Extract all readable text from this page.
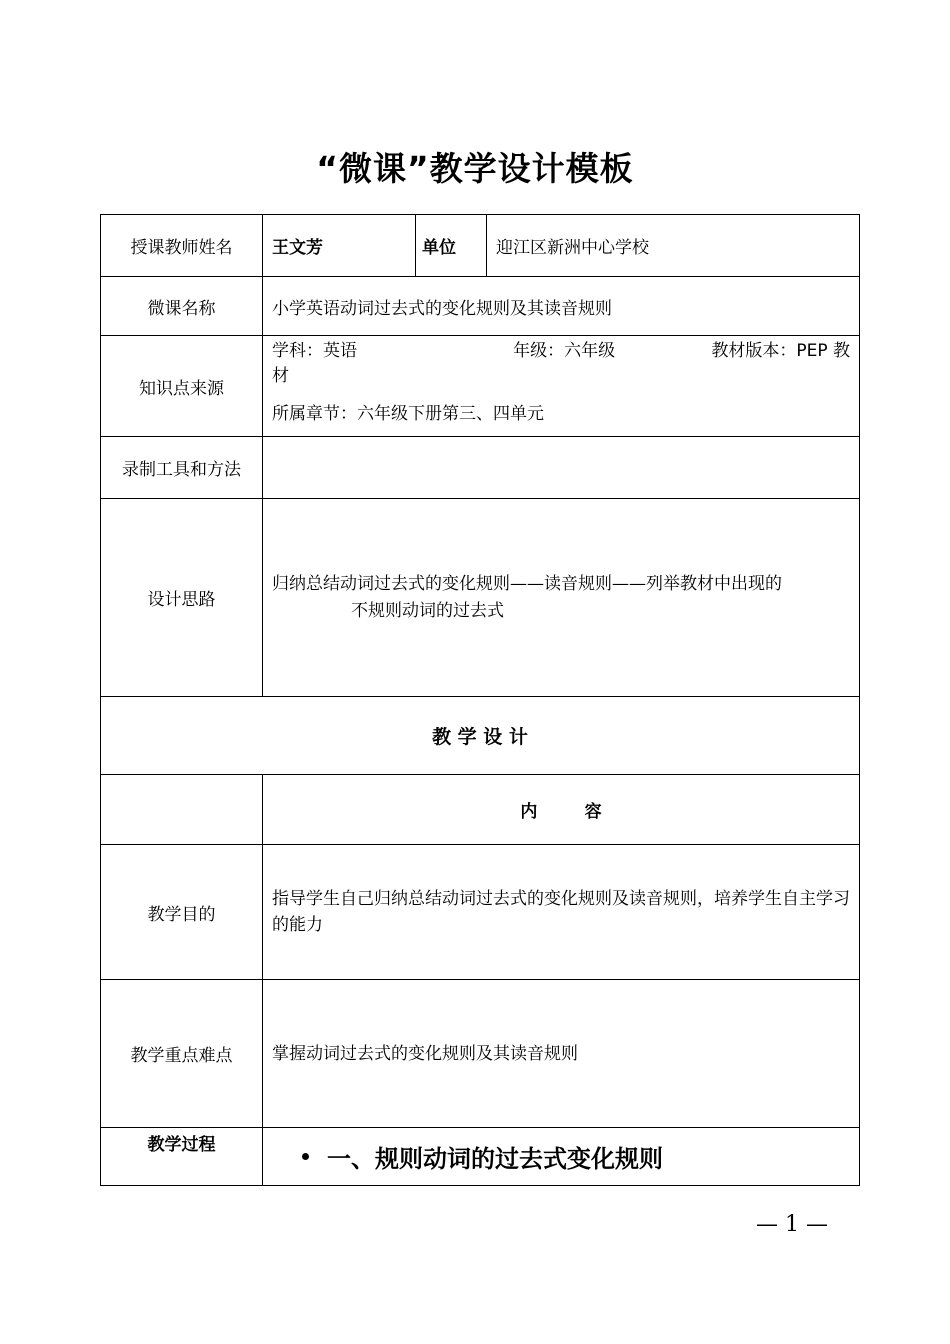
“微课”教学设计模板
授课教师姓名	王文芳	单位	迎江区新洲中心学校
微课名称	小学英语动词过去式的变化规则及其读音规则		
知识点来源	学科：英语 年级：六年级 教材版本：PEP 教
材
所属章节：六年级下册第三、四单元		

录制工具和方法			
设计思路	归纳总结动词过去式的变化规则——读音规则——列举教材中出现的
不规则动词的过去式		

教 学 设 计			
	内        容		
教学目的	指导学生自己归纳总结动词过去式的变化规则及读音规则，培养学生自主学习的能力		
教学重点难点	掌握动词过去式的变化规则及其读音规则		
教学过程	一、规则动词的过去式变化规则		
— 1 —
